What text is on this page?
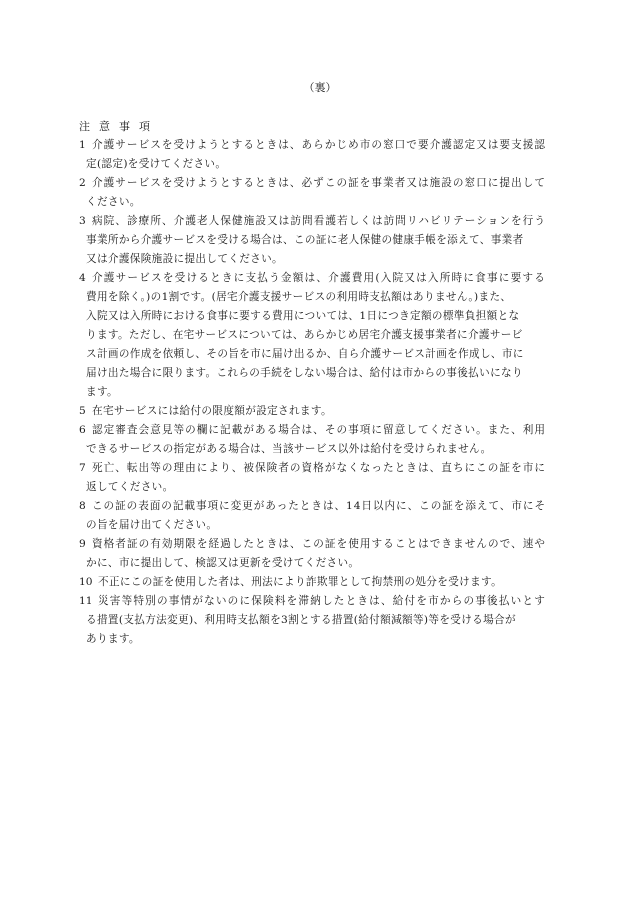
（裏）
注意事項
1 介護サービスを受けようとするときは、あらかじめ市の窓口で要介護認定又は要支援認
定(認定)を受けてください。
2 介護サービスを受けようとするときは、必ずこの証を事業者又は施設の窓口に提出して
ください。
3 病院、診療所、介護老人保健施設又は訪問看護若しくは訪問リハビリテーションを行う
事業所から介護サービスを受ける場合は、この証に老人保健の健康手帳を添えて、事業者
又は介護保険施設に提出してください。
4 介護サービスを受けるときに支払う金額は、介護費用(入院又は入所時に食事に要する
費用を除く。)の1割です。(居宅介護支援サービスの利用時支払額はありません。)また、
入院又は入所時における食事に要する費用については、1日につき定額の標準負担額とな
ります。ただし、在宅サービスについては、あらかじめ居宅介護支援事業者に介護サービ
ス計画の作成を依頼し、その旨を市に届け出るか、自ら介護サービス計画を作成し、市に
届け出た場合に限ります。これらの手続をしない場合は、給付は市からの事後払いになり
ます。
5 在宅サービスには給付の限度額が設定されます。
6 認定審査会意見等の欄に記載がある場合は、その事項に留意してください。また、利用
できるサービスの指定がある場合は、当該サービス以外は給付を受けられません。
7 死亡、転出等の理由により、被保険者の資格がなくなったときは、直ちにこの証を市に
返してください。
8 この証の表面の記載事項に変更があったときは、14日以内に、この証を添えて、市にそ
の旨を届け出てください。
9 資格者証の有効期限を経過したときは、この証を使用することはできませんので、速や
かに、市に提出して、検認又は更新を受けてください。
10 不正にこの証を使用した者は、刑法により詐欺罪として拘禁刑の処分を受けます。
11 災害等特別の事情がないのに保険料を滞納したときは、給付を市からの事後払いとす
る措置(支払方法変更)、利用時支払額を3割とする措置(給付額減額等)等を受ける場合が
あります。
